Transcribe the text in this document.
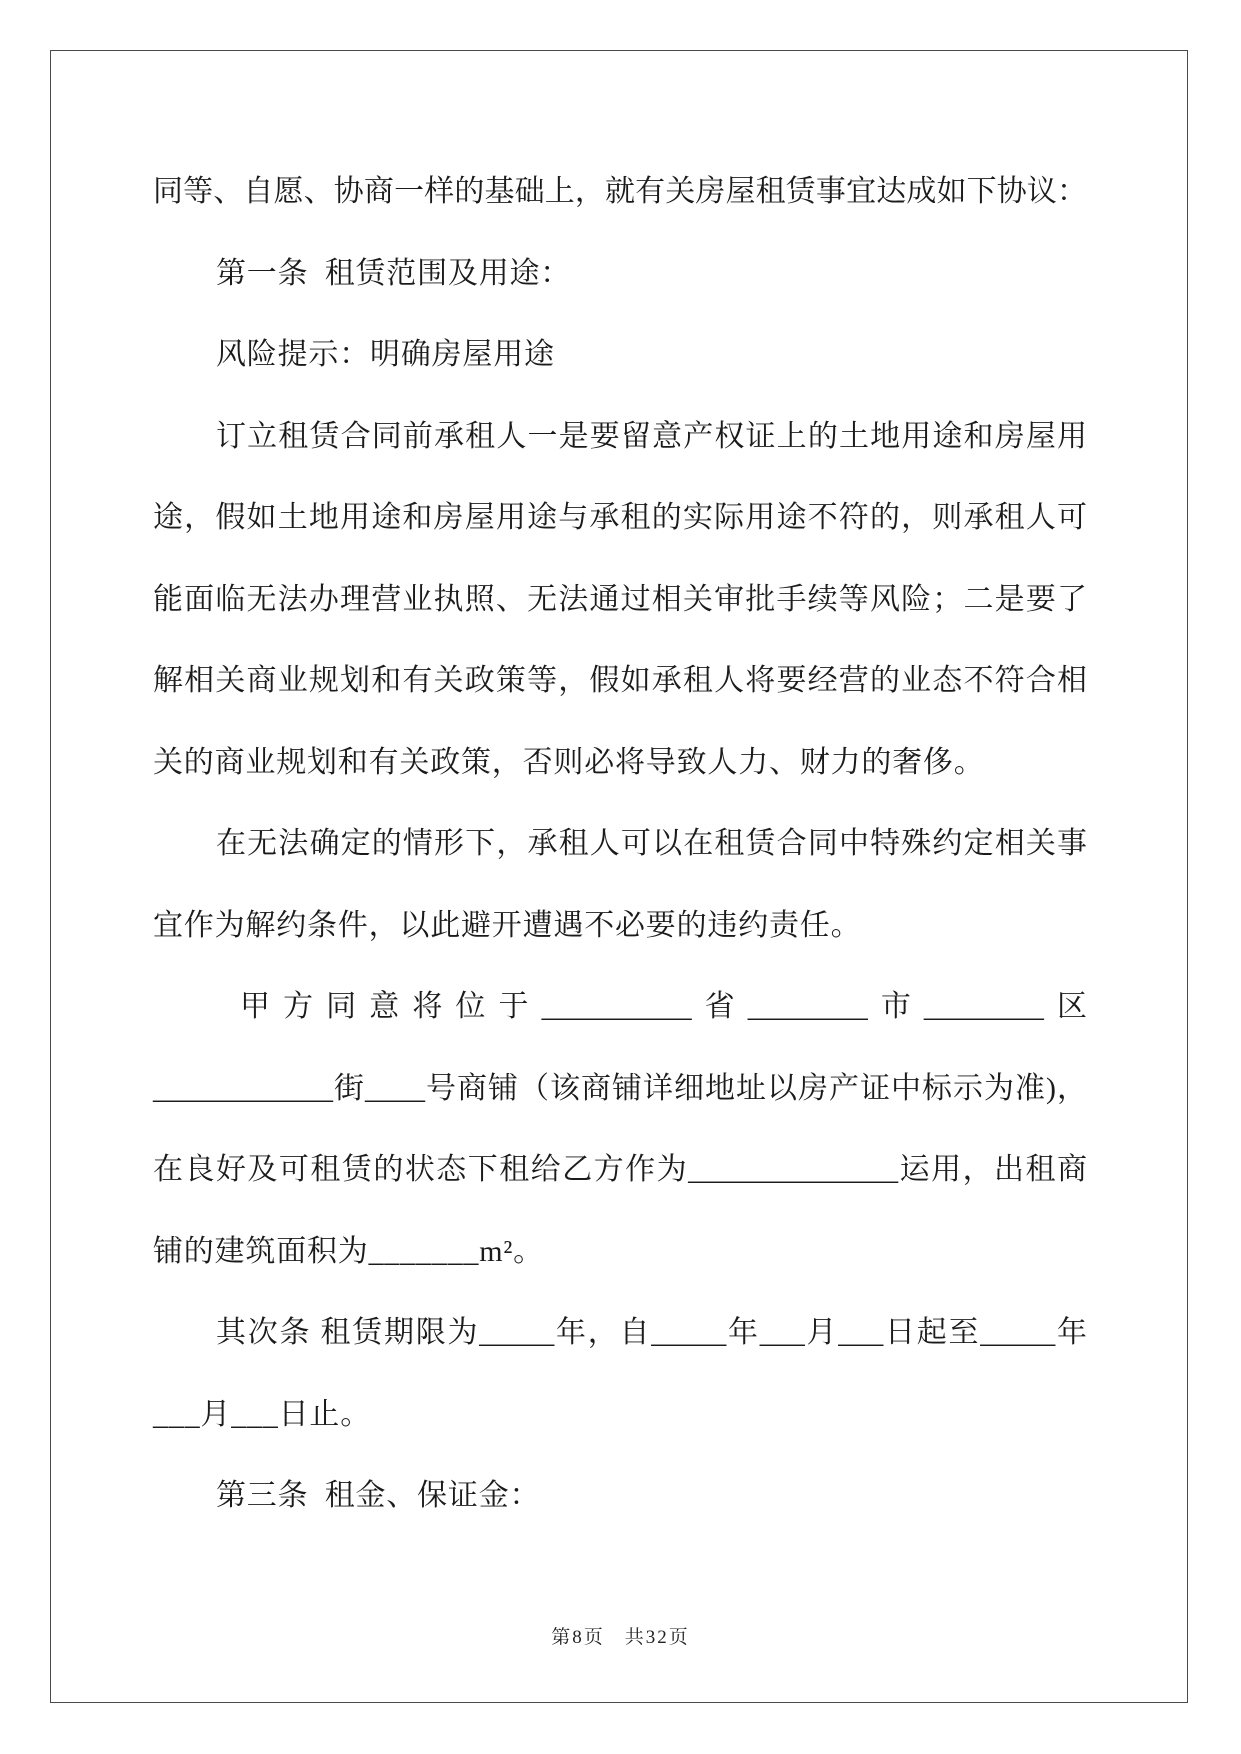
同等、自愿、协商一样的基础上，就有关房屋租赁事宜达成如下协议：
第一条 租赁范围及用途：
风险提示：明确房屋用途
订立租赁合同前承租人一是要留意产权证上的土地用途和房屋用
途，假如土地用途和房屋用途与承租的实际用途不符的，则承租人可
能面临无法办理营业执照、无法通过相关审批手续等风险；二是要了
解相关商业规划和有关政策等，假如承租人将要经营的业态不符合相
关的商业规划和有关政策，否则必将导致人力、财力的奢侈。
在无法确定的情形下，承租人可以在租赁合同中特殊约定相关事
宜作为解约条件，以此避开遭遇不必要的违约责任。
甲方同意将位于__________省________市________区
____________街____号商铺（该商铺详细地址以房产证中标示为准)，
在良好及可租赁的状态下租给乙方作为______________运用，出租商
铺的建筑面积为_______m²。
其次条 租赁期限为_____年，自_____年___月___日起至_____年
___月___日止。
第三条 租金、保证金：
第8页 共32页
